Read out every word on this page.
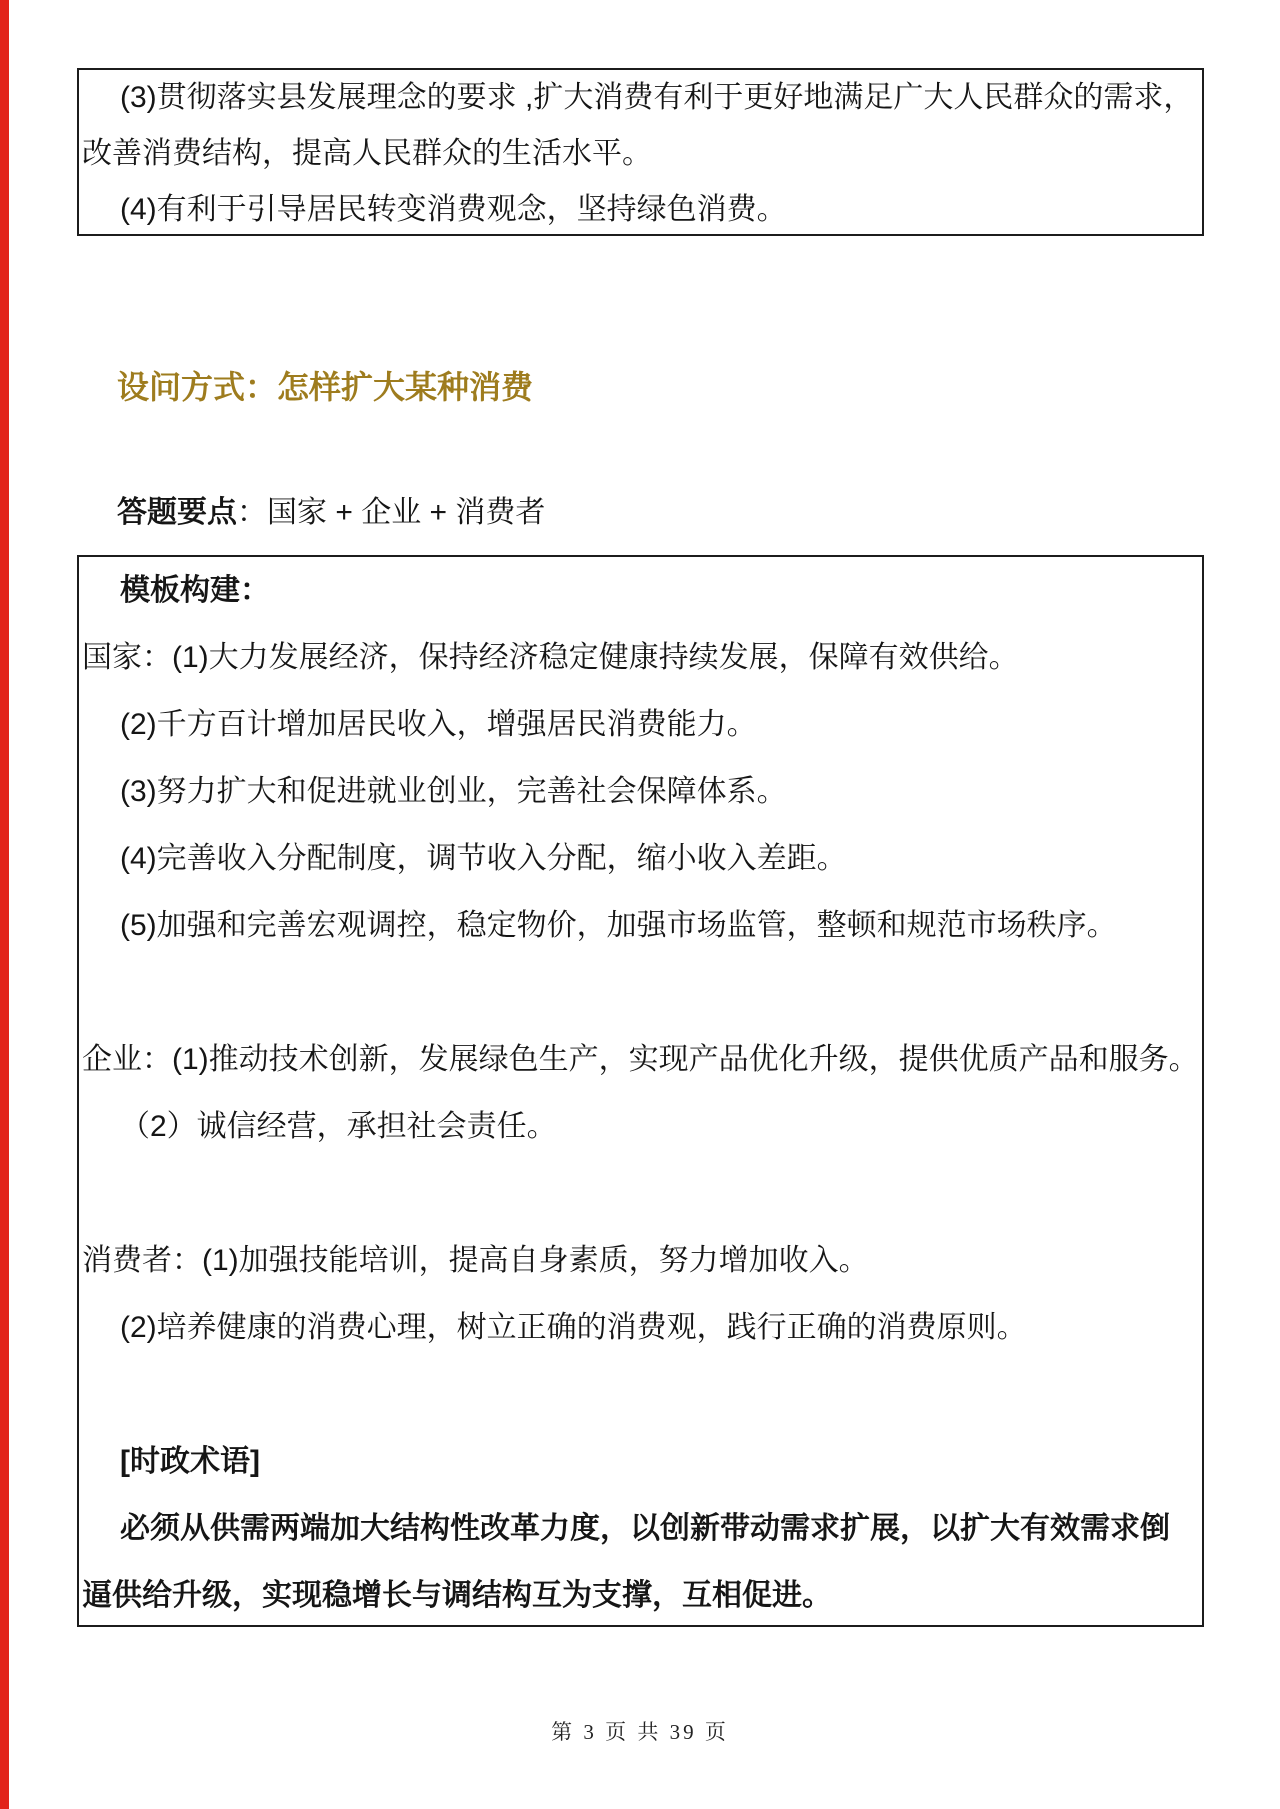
(3)贯彻落实县发展理念的要求 ,扩大消费有利于更好地满足广大人民群众的需求，
改善消费结构，提高人民群众的生活水平。
(4)有利于引导居民转变消费观念，坚持绿色消费。
设问方式：怎样扩大某种消费
答题要点：国家 + 企业 + 消费者
模板构建：
国家：(1)大力发展经济，保持经济稳定健康持续发展，保障有效供给。
(2)千方百计增加居民收入，增强居民消费能力。
(3)努力扩大和促进就业创业，完善社会保障体系。
(4)完善收入分配制度，调节收入分配，缩小收入差距。
(5)加强和完善宏观调控，稳定物价，加强市场监管，整顿和规范市场秩序。
企业：(1)推动技术创新，发展绿色生产，实现产品优化升级，提供优质产品和服务。
（2）诚信经营，承担社会责任。
消费者：(1)加强技能培训，提高自身素质，努力增加收入。
(2)培养健康的消费心理，树立正确的消费观，践行正确的消费原则。
[时政术语]
必须从供需两端加大结构性改革力度，以创新带动需求扩展，以扩大有效需求倒
逼供给升级，实现稳增长与调结构互为支撑，互相促进。
第 3 页 共 39 页
